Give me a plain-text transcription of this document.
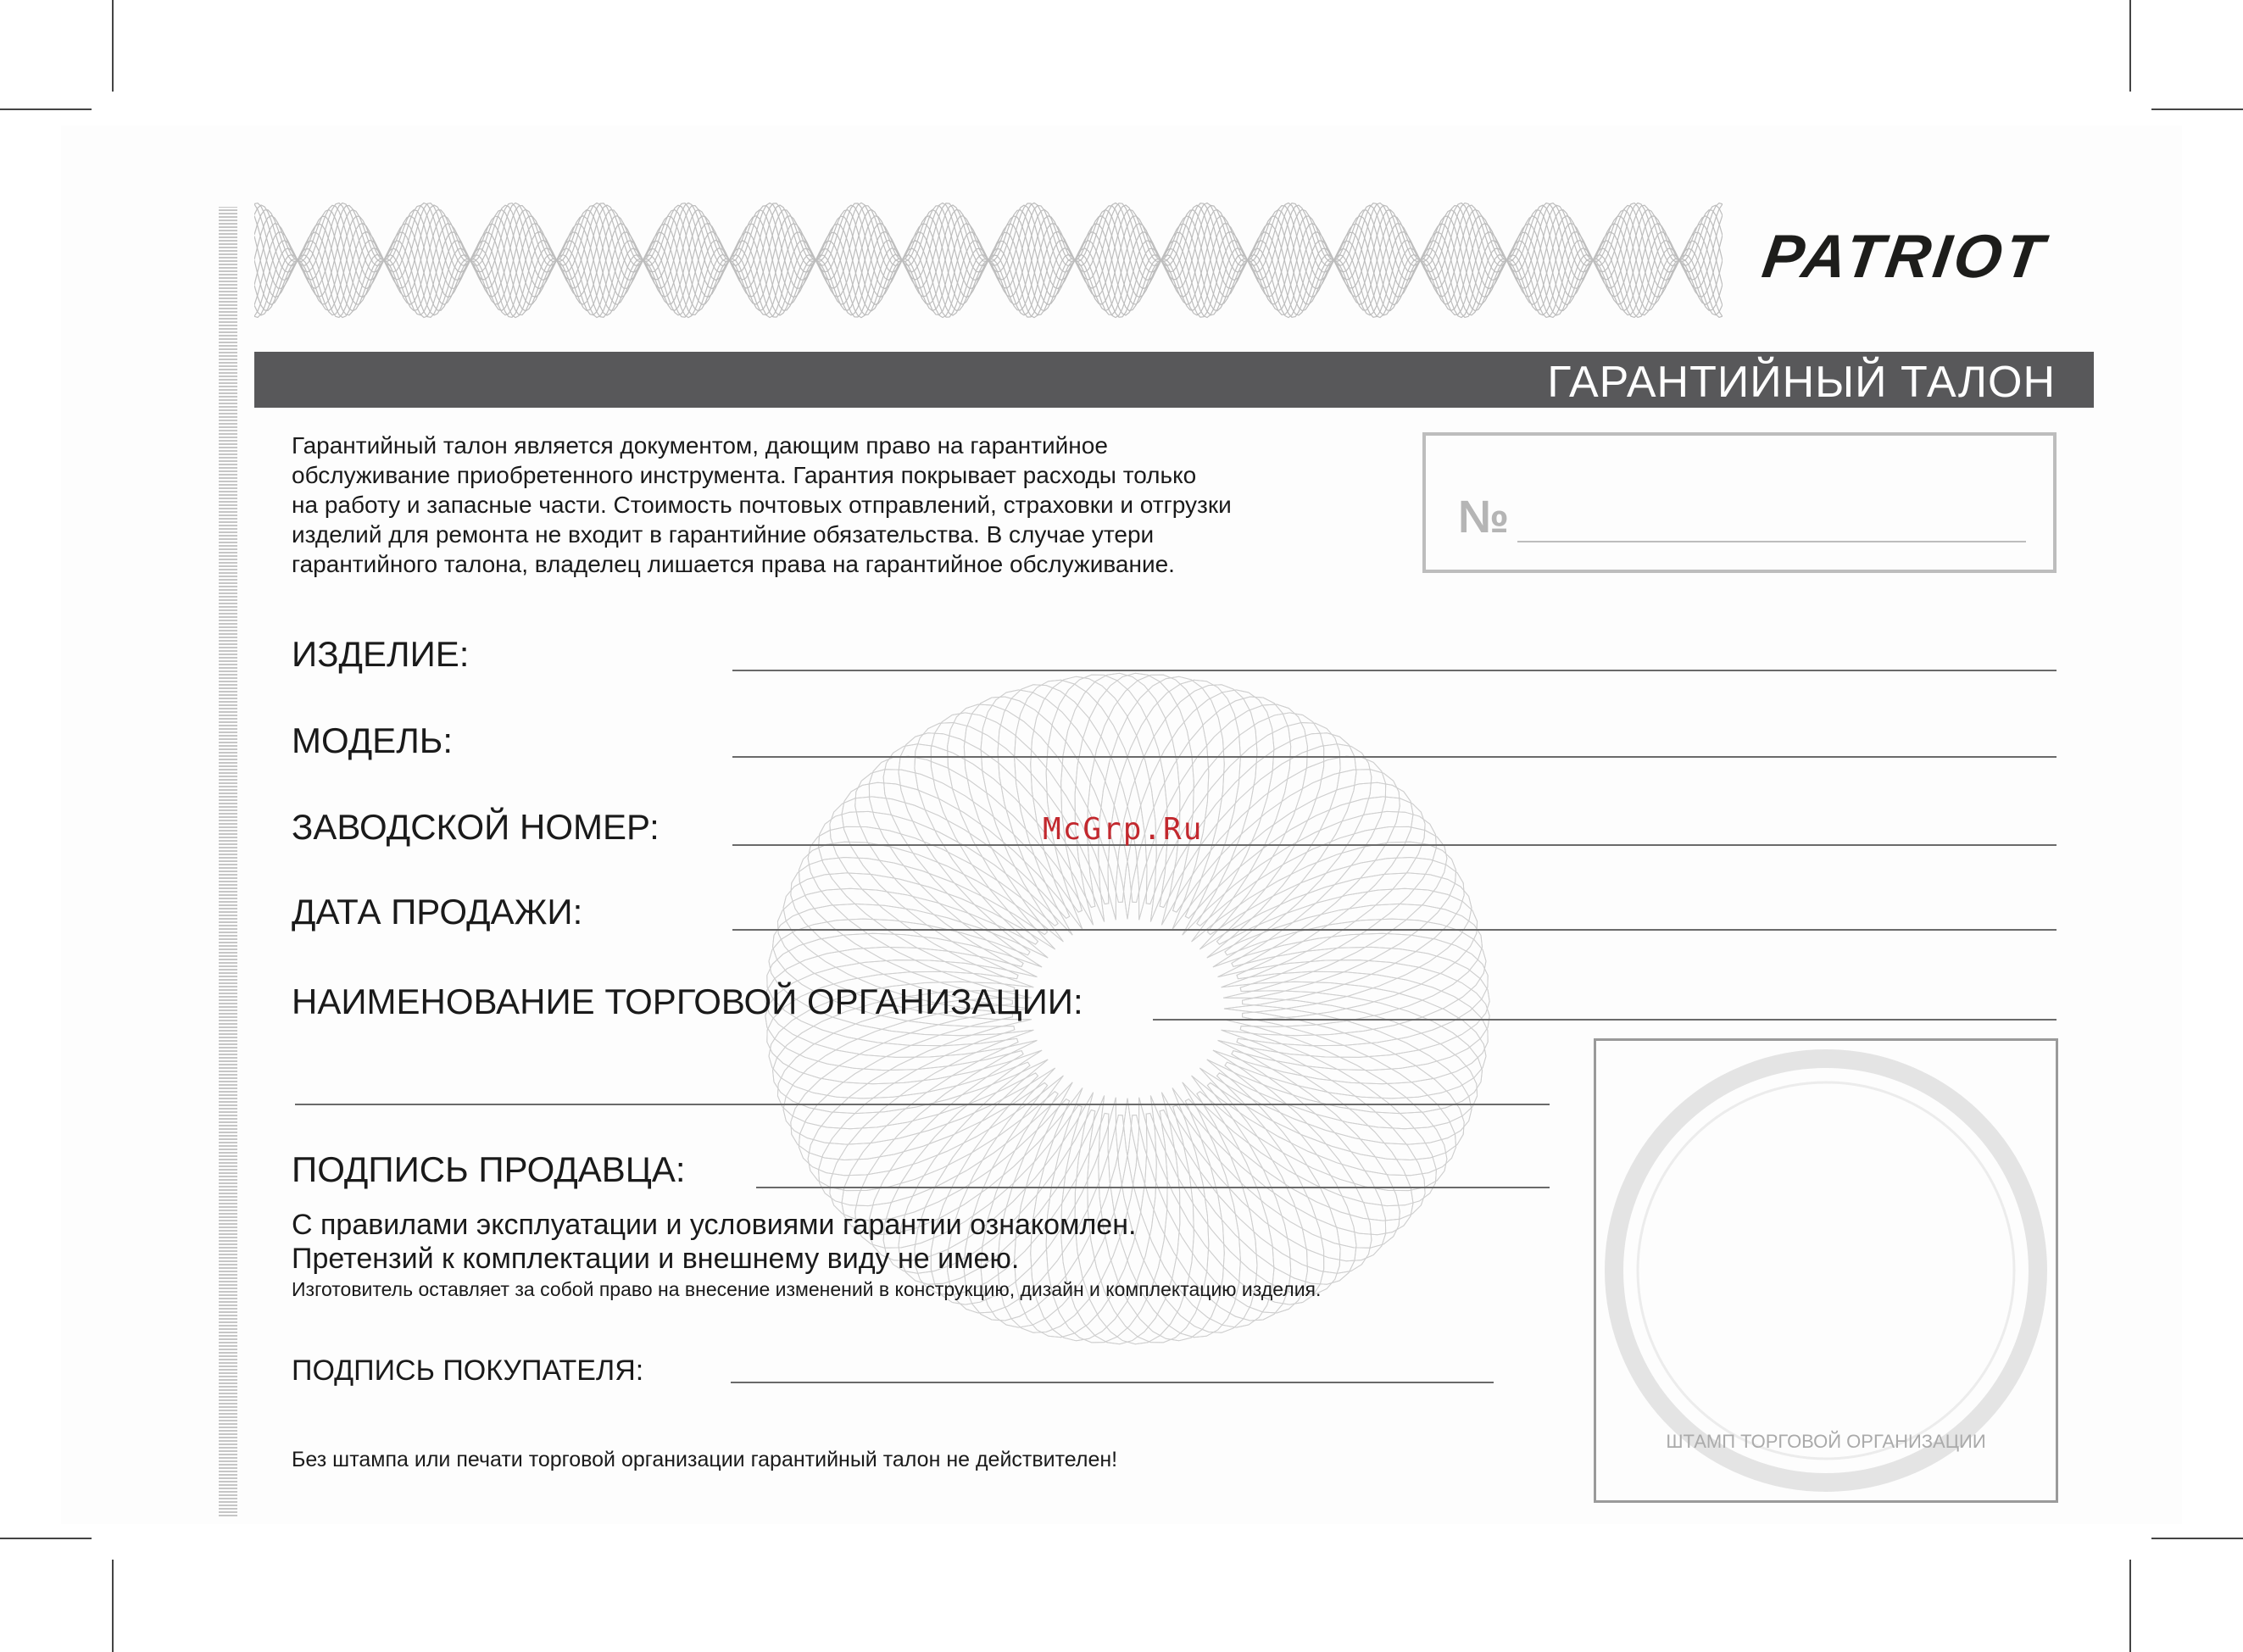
PATRIOT
ГАРАНТИЙНЫЙ ТАЛОН
Гарантийный талон является документом, дающим право на гарантийное
обслуживание приобретенного инструмента. Гарантия покрывает расходы только
на работу и запасные части. Стоимость почтовых отправлений, страховки и отгрузки
изделий для ремонта не входит в гарантийние обязательства. В случае утери
гарантийного талона, владелец лишается права на гарантийное обслуживание.
№
ИЗДЕЛИЕ:
МОДЕЛЬ:
ЗАВОДСКОЙ НОМЕР:
ДАТА ПРОДАЖИ:
НАИМЕНОВАНИЕ ТОРГОВОЙ ОРГАНИЗАЦИИ:
ПОДПИСЬ ПРОДАВЦА:
С правилами эксплуатации и условиями гарантии ознакомлен.
Претензий к комплектации и внешнему виду не имею.
Изготовитель оставляет за собой право на внесение изменений в конструкцию, дизайн и комплектацию изделия.
ПОДПИСЬ ПОКУПАТЕЛЯ:
Без штампа или печати торговой организации гарантийный талон не действителен!
ШТАМП ТОРГОВОЙ ОРГАНИЗАЦИИ
McGrp.Ru
